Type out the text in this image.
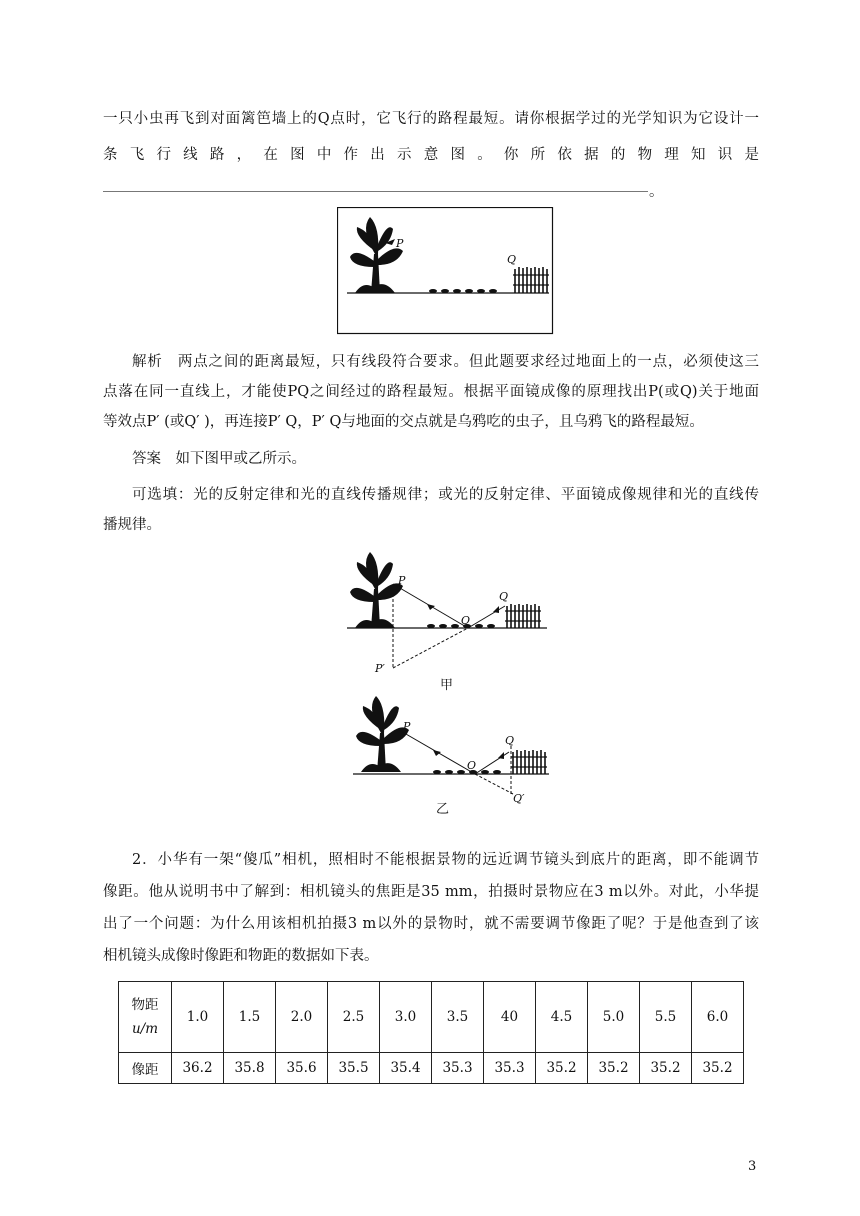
一只小虫再飞到对面篱笆墙上的Q点时，它飞行的路程最短。请你根据学过的光学知识为它设计一
条 飞 行 线 路 ， 在 图 中 作 出 示 意 图 。 你 所 依 据 的 物 理 知 识 是
。
P
Q
解析　两点之间的距离最短，只有线段符合要求。但此题要求经过地面上的一点，必须使这三
点落在同一直线上，才能使PQ之间经过的路程最短。根据平面镜成像的原理找出P(或Q)关于地面
等效点P′ (或Q′ )，再连接P′ Q，P′ Q与地面的交点就是乌鸦吃的虫子，且乌鸦飞的路程最短。
答案　如下图甲或乙所示。
可选填：光的反射定律和光的直线传播规律；或光的反射定律、平面镜成像规律和光的直线传
播规律。
P
O
Q
P′
甲
P
O
Q
Q′
乙
2．小华有一架“傻瓜”相机，照相时不能根据景物的远近调节镜头到底片的距离，即不能调节
像距。他从说明书中了解到：相机镜头的焦距是35 mm，拍摄时景物应在3 m以外。对此，小华提
出了一个问题：为什么用该相机拍摄3 m以外的景物时，就不需要调节像距了呢？于是他查到了该
相机镜头成像时像距和物距的数据如下表。
物距
u/m	1.0	1.5	2.0	2.5	3.0	3.5	40	4.5	5.0	5.5	6.0
像距	36.2	35.8	35.6	35.5	35.4	35.3	35.3	35.2	35.2	35.2	35.2
3
